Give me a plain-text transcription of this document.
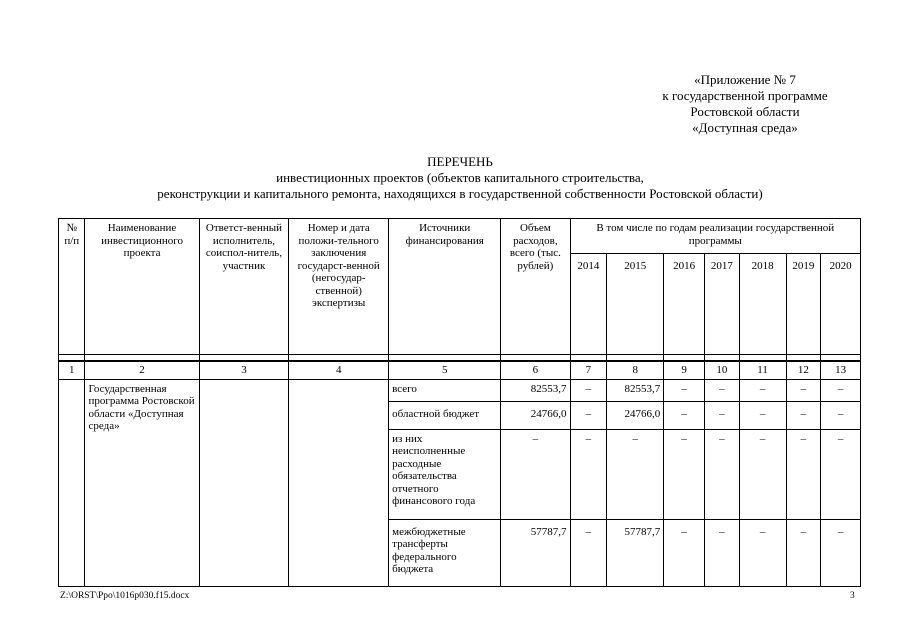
«Приложение № 7
к государственной программе
Ростовской области
«Доступная среда»
ПЕРЕЧЕНЬ
инвестиционных проектов (объектов капитального строительства,
реконструкции и капитального ремонта, находящихся в государственной собственности Ростовской области)
№ п/п	Наименование инвестиционного проекта	Ответст-венный исполнитель, соиспол-нитель, участник	Номер и дата положи-тельного заключения государст-венной (негосудар-ственной) экспертизы	Источники финансирования	Объем расходов, всего (тыс. рублей)	В том числе по годам реализации государственной программы						
						2014	2015	2016	2017	2018	2019	2020

1	2	3	4	5	6	7	8	9	10	11	12	13
	Государственная программа Ростовской области «Доступная среда»			всего	82553,7	–	82553,7	–	–	–	–	–
				областной бюджет	24766,0	–	24766,0	–	–	–	–	–
				из них неисполненные расходные обязательства отчетного финансового года	–	–	–	–	–	–	–	–
				межбюджетные трансферты федерального бюджета	57787,7	–	57787,7	–	–	–	–	–
Z:\ORST\Ppo\1016p030.f15.docx	3
